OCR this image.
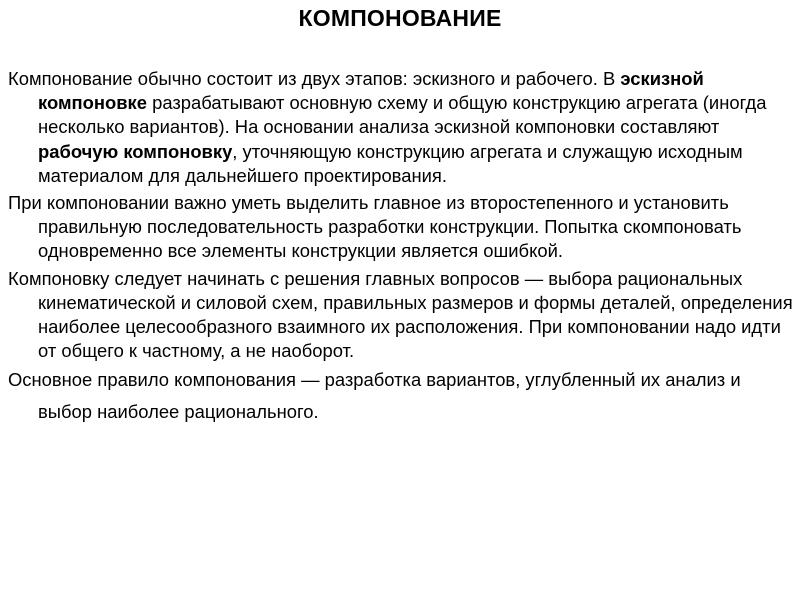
КОМПОНОВАНИЕ

Компонование обычно состоит из двух этапов: эскизного и рабочего. В эскизной компоновке разрабатывают основную схему и общую конструкцию агрегата (иногда несколько вариантов). На основании анализа эскизной компоновки составляют рабочую компоновку, уточняющую конструкцию агрегата и служащую исходным материалом для дальнейшего проектирования.

При компоновании важно уметь выделить главное из второстепенного и установить правильную последовательность разработки конструкции. Попытка скомпоновать одновременно все элементы конструкции является ошибкой.

Компоновку следует начинать с решения главных вопросов — выбора рациональных кинематической и силовой схем, правильных размеров и формы деталей, определения наиболее целесообразного взаимного их расположения. При компоновании надо идти от общего к частному, а не наоборот.

Основное правило компонования — разработка вариантов, углубленный их анализ и выбор наиболее рационального.
